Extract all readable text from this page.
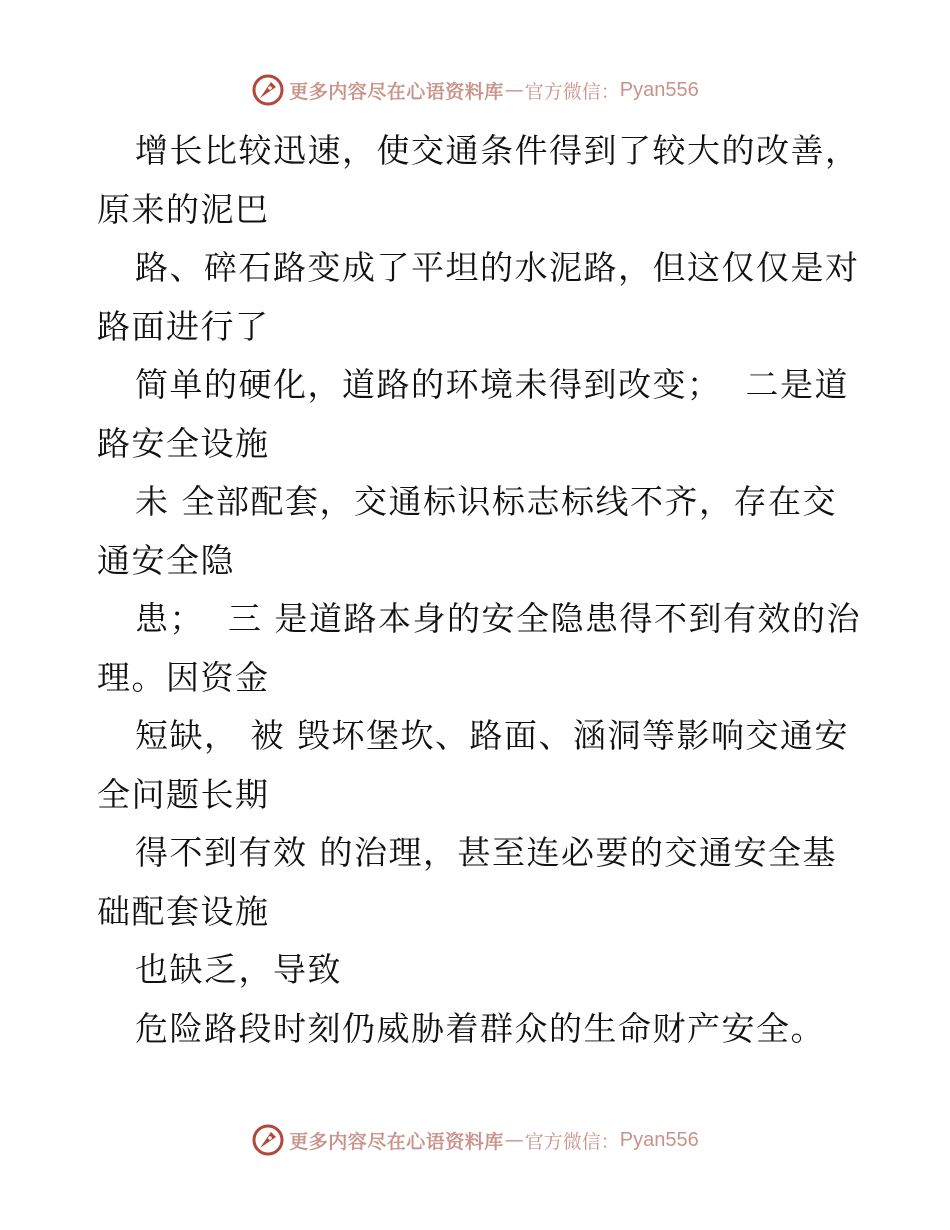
更多内容尽在心语资料库 — 官方微信： Pyan556
增长比较迅速，使交通条件得到了较大的改善，
原来的泥巴
路、碎石路变成了平坦的水泥路，但这仅仅是对
路面进行了
简单的硬化，道路的环境未得到改变；  二是道
路安全设施
未 全部配套，交通标识标志标线不齐，存在交
通安全隐
患；  三 是道路本身的安全隐患得不到有效的治
理。因资金
短缺， 被 毁坏堡坎、路面、涵洞等影响交通安
全问题长期
得不到有效 的治理，甚至连必要的交通安全基
础配套设施
也缺乏，导致
危险路段时刻仍威胁着群众的生命财产安全。
更多内容尽在心语资料库 — 官方微信： Pyan556
